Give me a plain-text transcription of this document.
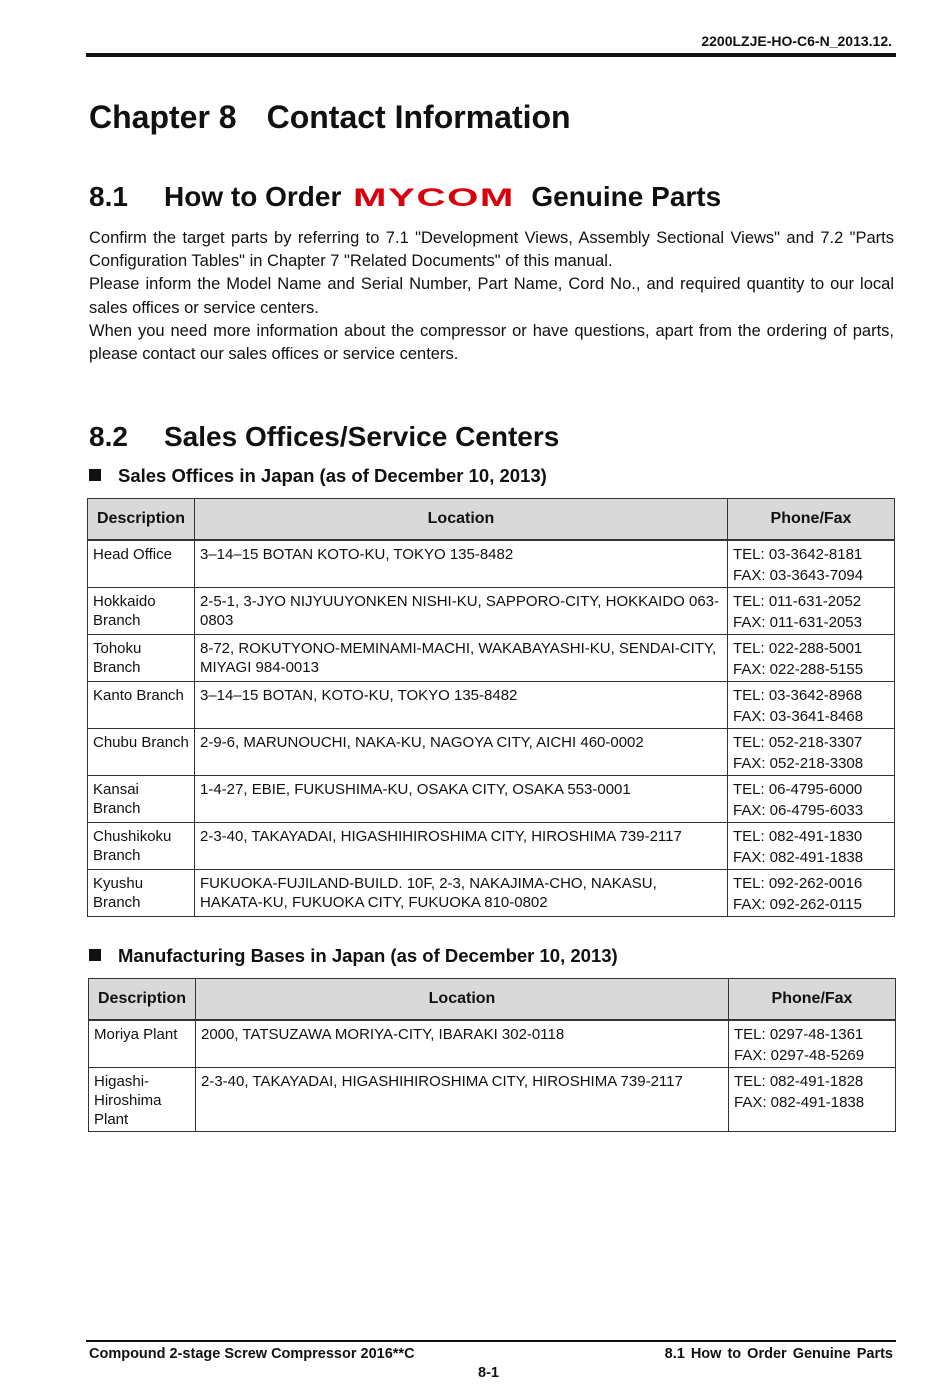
2200LZJE-HO-C6-N_2013.12.
Chapter 8 Contact Information
8.1 How to Order MYCOM Genuine Parts
Confirm the target parts by referring to 7.1 "Development Views, Assembly Sectional Views" and 7.2 "Parts Configuration Tables" in Chapter 7 "Related Documents" of this manual.
Please inform the Model Name and Serial Number, Part Name, Cord No., and required quantity to our local sales offices or service centers.
When you need more information about the compressor or have questions, apart from the ordering of parts, please contact our sales offices or service centers.
8.2 Sales Offices/Service Centers
Sales Offices in Japan (as of December 10, 2013)
Description	Location	Phone/Fax
Head Office	3–14–15 BOTAN KOTO-KU, TOKYO 135-8482	TEL: 03-3642-8181
FAX: 03-3643-7094

Hokkaido Branch	2-5-1, 3-JYO NIJYUUYONKEN NISHI-KU, SAPPORO-CITY, HOKKAIDO 063-0803	TEL: 011-631-2052
FAX: 011-631-2053

Tohoku Branch	8-72, ROKUTYONO-MEMINAMI-MACHI, WAKABAYASHI-KU, SENDAI-CITY, MIYAGI 984-0013	TEL: 022-288-5001
FAX: 022-288-5155

Kanto Branch	3–14–15 BOTAN, KOTO-KU, TOKYO 135-8482	TEL: 03-3642-8968
FAX: 03-3641-8468

Chubu Branch	2-9-6, MARUNOUCHI, NAKA-KU, NAGOYA CITY, AICHI 460-0002	TEL: 052-218-3307
FAX: 052-218-3308

Kansai Branch	1-4-27, EBIE, FUKUSHIMA-KU, OSAKA CITY, OSAKA 553-0001	TEL: 06-4795-6000
FAX: 06-4795-6033

Chushikoku Branch	2-3-40, TAKAYADAI, HIGASHIHIROSHIMA CITY, HIROSHIMA 739-2117	TEL: 082-491-1830
FAX: 082-491-1838

Kyushu Branch	FUKUOKA-FUJILAND-BUILD. 10F, 2-3, NAKAJIMA-CHO, NAKASU, HAKATA-KU, FUKUOKA CITY, FUKUOKA 810-0802	TEL: 092-262-0016
FAX: 092-262-0115
Manufacturing Bases in Japan (as of December 10, 2013)
Description	Location	Phone/Fax
Moriya Plant	2000, TATSUZAWA MORIYA-CITY, IBARAKI 302-0118	TEL: 0297-48-1361
FAX: 0297-48-5269

Higashi-Hiroshima Plant	2-3-40, TAKAYADAI, HIGASHIHIROSHIMA CITY, HIROSHIMA 739-2117	TEL: 082-491-1828
FAX: 082-491-1838
Compound 2-stage Screw Compressor 2016**C	8.1 How to Order Genuine Parts
8-1
